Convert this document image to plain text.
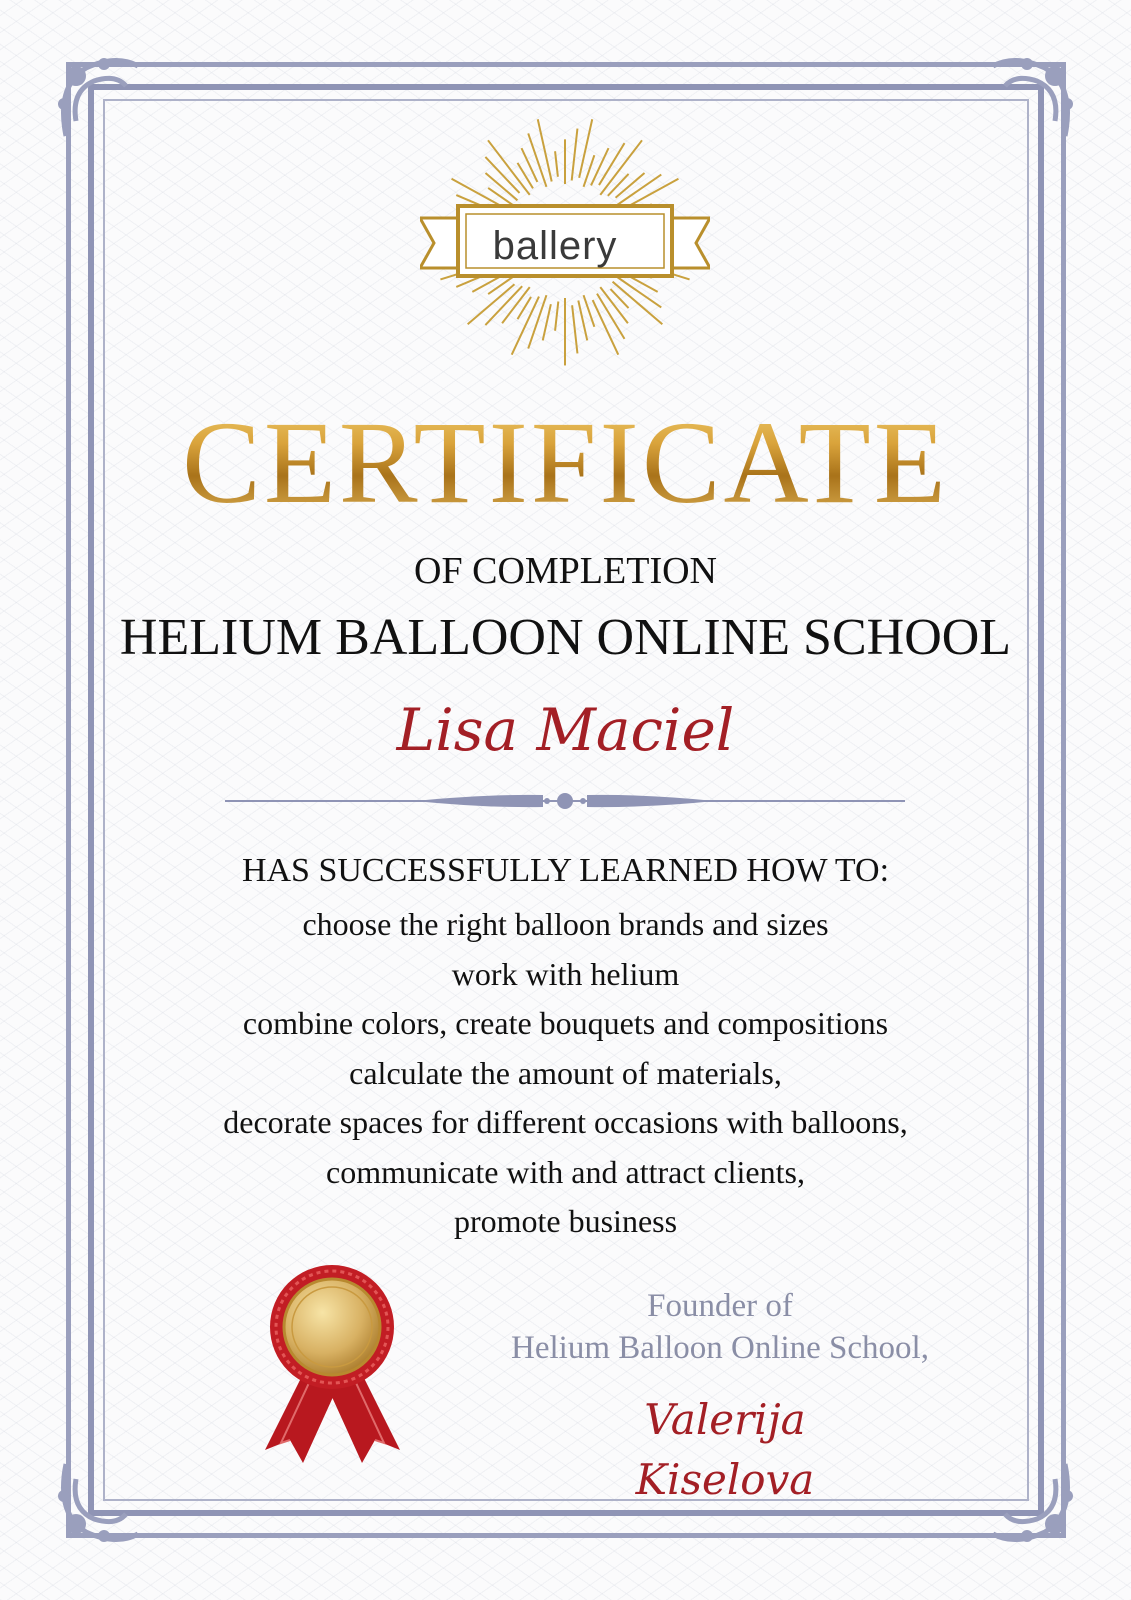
ballery
CERTIFICATE
OF COMPLETION
HELIUM BALLOON ONLINE SCHOOL
Lisa Maciel
HAS SUCCESSFULLY LEARNED HOW TO:
choose the right balloon brands and sizes
work with helium
combine colors, create bouquets and compositions
calculate the amount of materials,
decorate spaces for different occasions with balloons,
communicate with and attract clients,
promote business
Founder of
Helium Balloon Online School,
Valerija Kiselova
